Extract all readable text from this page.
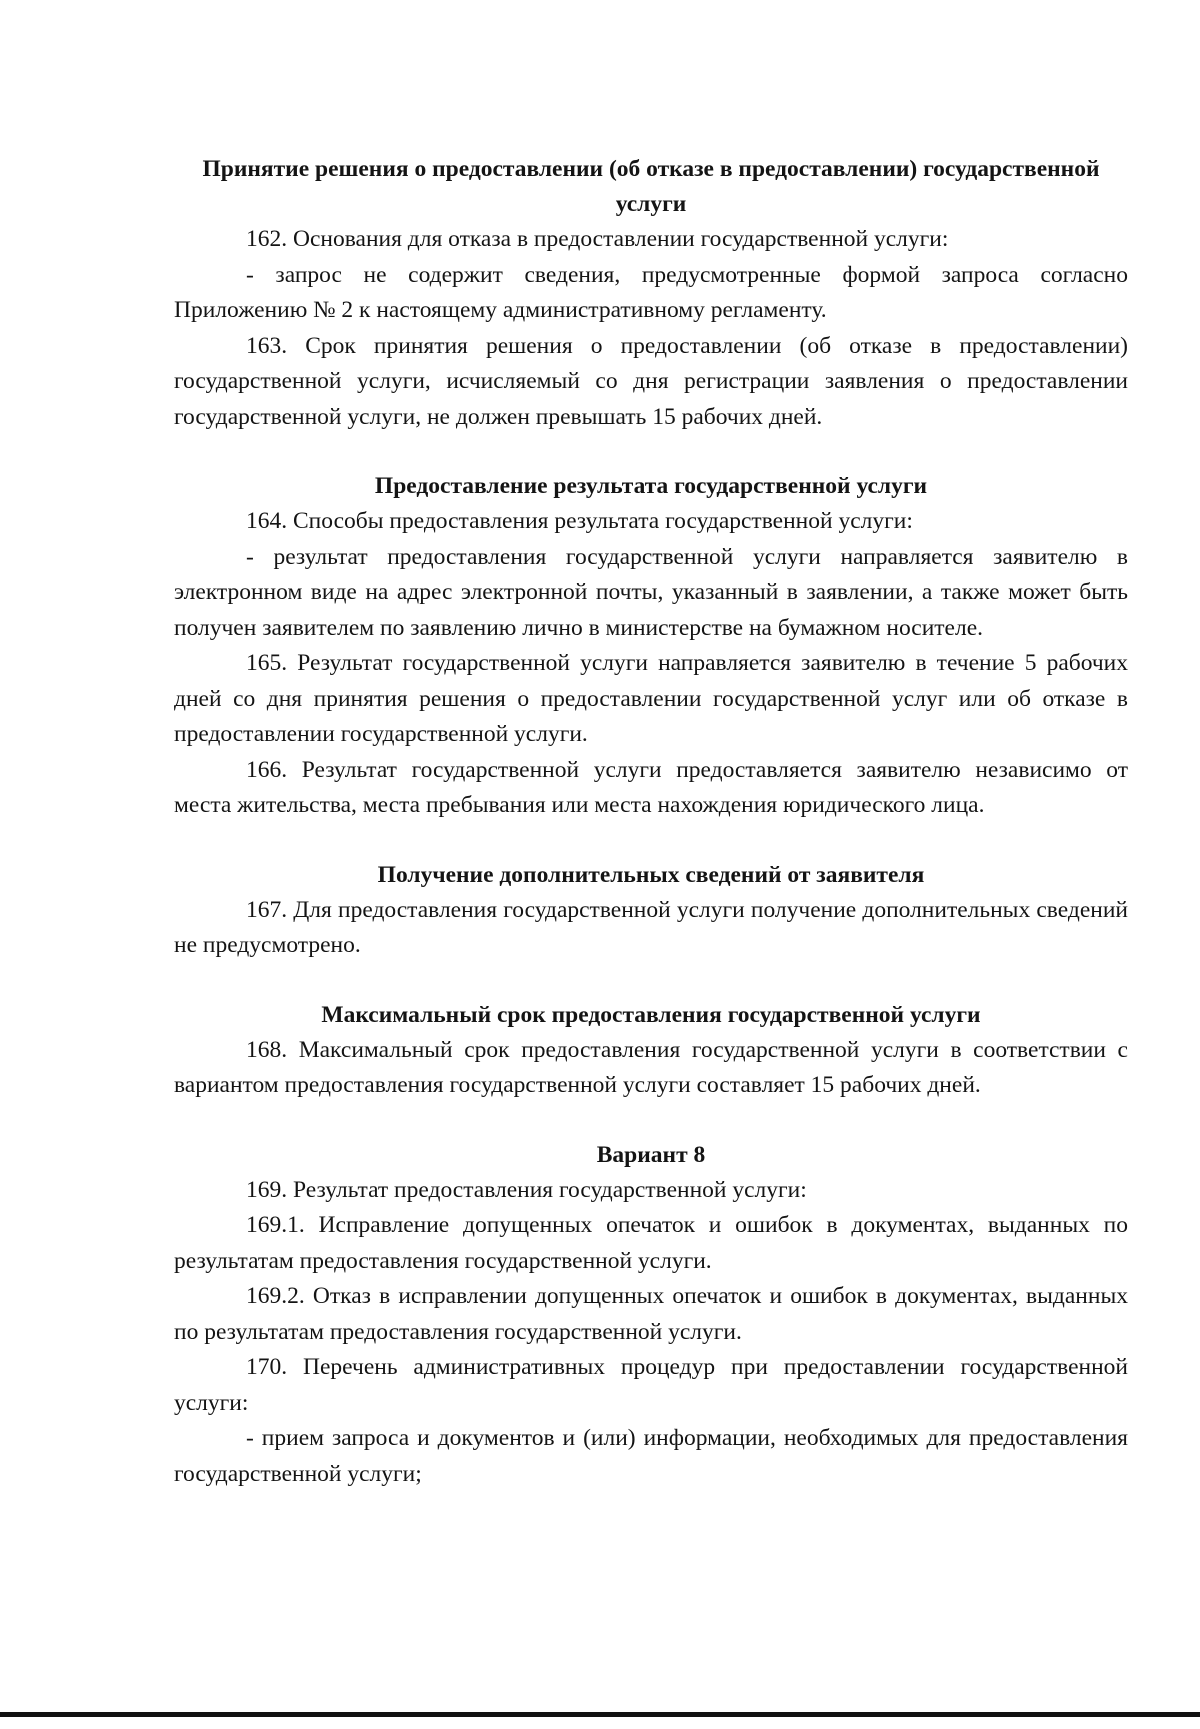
Принятие решения о предоставлении (об отказе в предоставлении) государственной услуги

162. Основания для отказа в предоставлении государственной услуги:

- запрос не содержит сведения, предусмотренные формой запроса согласно Приложению № 2 к настоящему административному регламенту.

163. Срок принятия решения о предоставлении (об отказе в предоставлении) государственной услуги, исчисляемый со дня регистрации заявления о предоставлении государственной услуги, не должен превышать 15 рабочих дней.

Предоставление результата государственной услуги

164. Способы предоставления результата государственной услуги:

- результат предоставления государственной услуги направляется заявителю в электронном виде на адрес электронной почты, указанный в заявлении, а также может быть получен заявителем по заявлению лично в министерстве на бумажном носителе.

165. Результат государственной услуги направляется заявителю в течение 5 рабочих дней со дня принятия решения о предоставлении государственной услуг или об отказе в предоставлении государственной услуги.

166. Результат государственной услуги предоставляется заявителю независимо от места жительства, места пребывания или места нахождения юридического лица.

Получение дополнительных сведений от заявителя

167. Для предоставления государственной услуги получение дополнительных сведений не предусмотрено.

Максимальный срок предоставления государственной услуги

168. Максимальный срок предоставления государственной услуги в соответствии с вариантом предоставления государственной услуги составляет 15 рабочих дней.

Вариант 8

169. Результат предоставления государственной услуги:

169.1. Исправление допущенных опечаток и ошибок в документах, выданных по результатам предоставления государственной услуги.

169.2. Отказ в исправлении допущенных опечаток и ошибок в документах, выданных по результатам предоставления государственной услуги.

170. Перечень административных процедур при предоставлении государственной услуги:

- прием запроса и документов и (или) информации, необходимых для предоставления государственной услуги;
